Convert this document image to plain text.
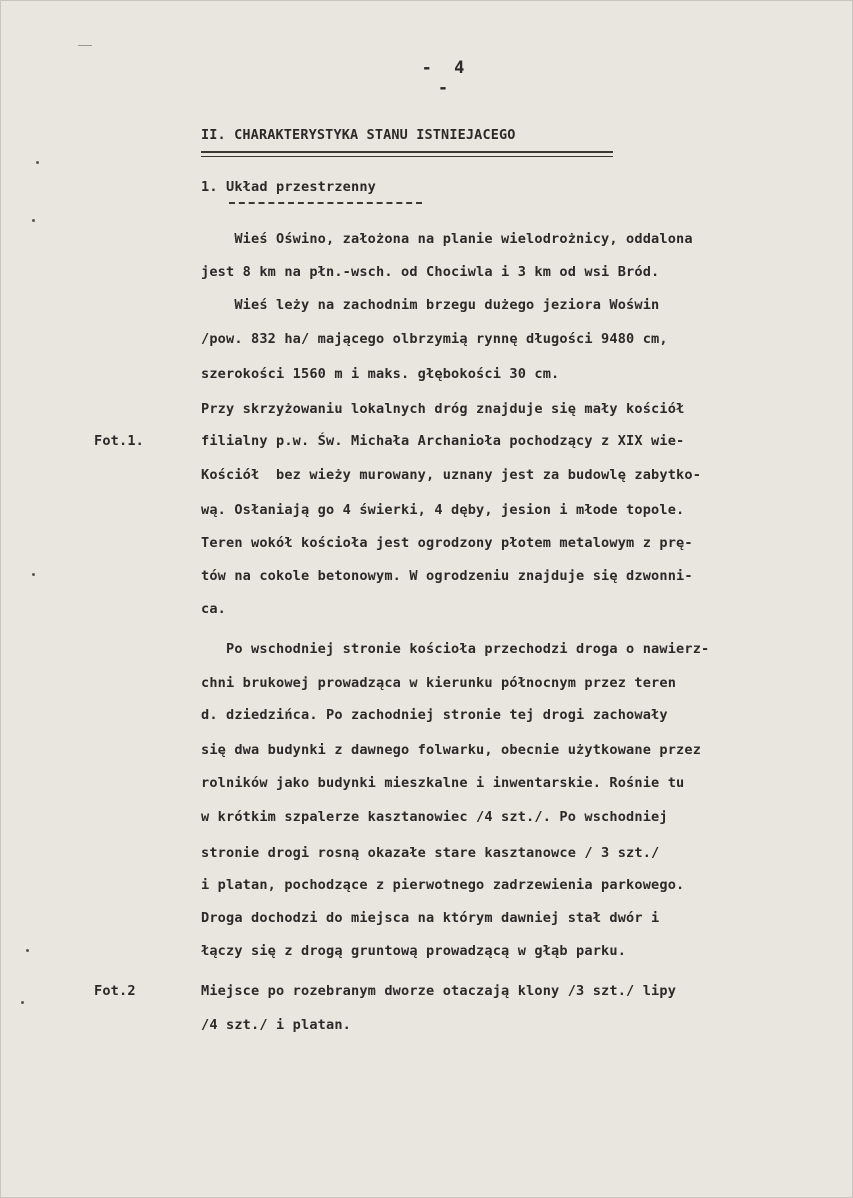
- 4 -
II. CHARAKTERYSTYKA STANU ISTNIEJACEGO
1. Układ przestrzenny
Wieś Oświno, założona na planie wielodrożnicy, oddalona
jest 8 km na płn.-wsch. od Chociwla i 3 km od wsi Bród.
Wieś leży na zachodnim brzegu dużego jeziora Woświn
/pow. 832 ha/ mającego olbrzymią rynnę długości 9480 cm,
szerokości 1560 m i maks. głębokości 30 cm.
Przy skrzyżowaniu lokalnych dróg znajduje się mały kościół
filialny p.w. Św. Michała Archanioła pochodzący z XIX wie-
Kościół  bez wieży murowany, uznany jest za budowlę zabytko-
wą. Osłaniają go 4 świerki, 4 dęby, jesion i młode topole.
Teren wokół kościoła jest ogrodzony płotem metalowym z prę-
tów na cokole betonowym. W ogrodzeniu znajduje się dzwonni-
ca.
Po wschodniej stronie kościoła przechodzi droga o nawierz-
chni brukowej prowadząca w kierunku północnym przez teren
d. dziedzińca. Po zachodniej stronie tej drogi zachowały
się dwa budynki z dawnego folwarku, obecnie użytkowane przez
rolników jako budynki mieszkalne i inwentarskie. Rośnie tu
w krótkim szpalerze kasztanowiec /4 szt./. Po wschodniej
stronie drogi rosną okazałe stare kasztanowce / 3 szt./
i platan, pochodzące z pierwotnego zadrzewienia parkowego.
Droga dochodzi do miejsca na którym dawniej stał dwór i
łączy się z drogą gruntową prowadzącą w głąb parku.
Miejsce po rozebranym dworze otaczają klony /3 szt./ lipy
/4 szt./ i platan.
Fot.1.
Fot.2
